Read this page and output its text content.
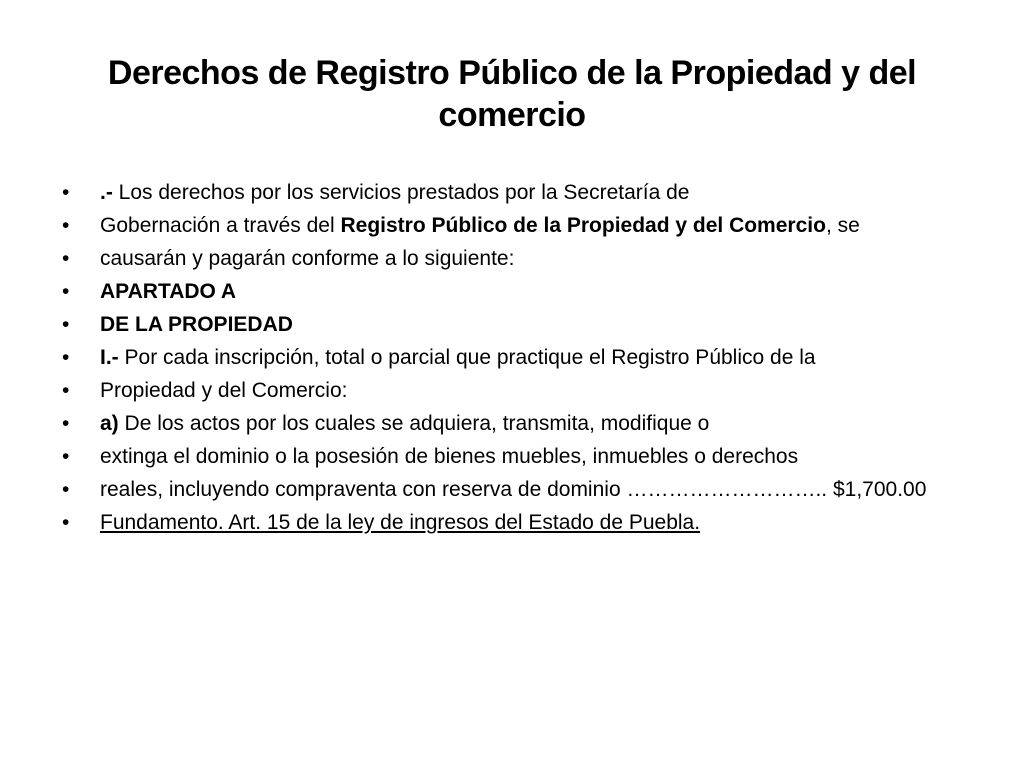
Derechos de Registro Público de la Propiedad y del comercio
•	.- Los derechos por los servicios prestados por la Secretaría de
•	Gobernación a través del Registro Público de la Propiedad y del Comercio, se
•	causarán y pagarán conforme a lo siguiente:
•	APARTADO A
•	DE LA PROPIEDAD
•	I.- Por cada inscripción, total o parcial que practique el Registro Público de la
•	Propiedad y del Comercio:
•	a) De los actos por los cuales se adquiera, transmita, modifique o
•	extinga el dominio o la posesión de bienes muebles, inmuebles o derechos
•	reales, incluyendo compraventa con reserva de dominio ……………………….. $1,700.00
•	Fundamento. Art. 15 de la ley de ingresos del Estado de Puebla.
